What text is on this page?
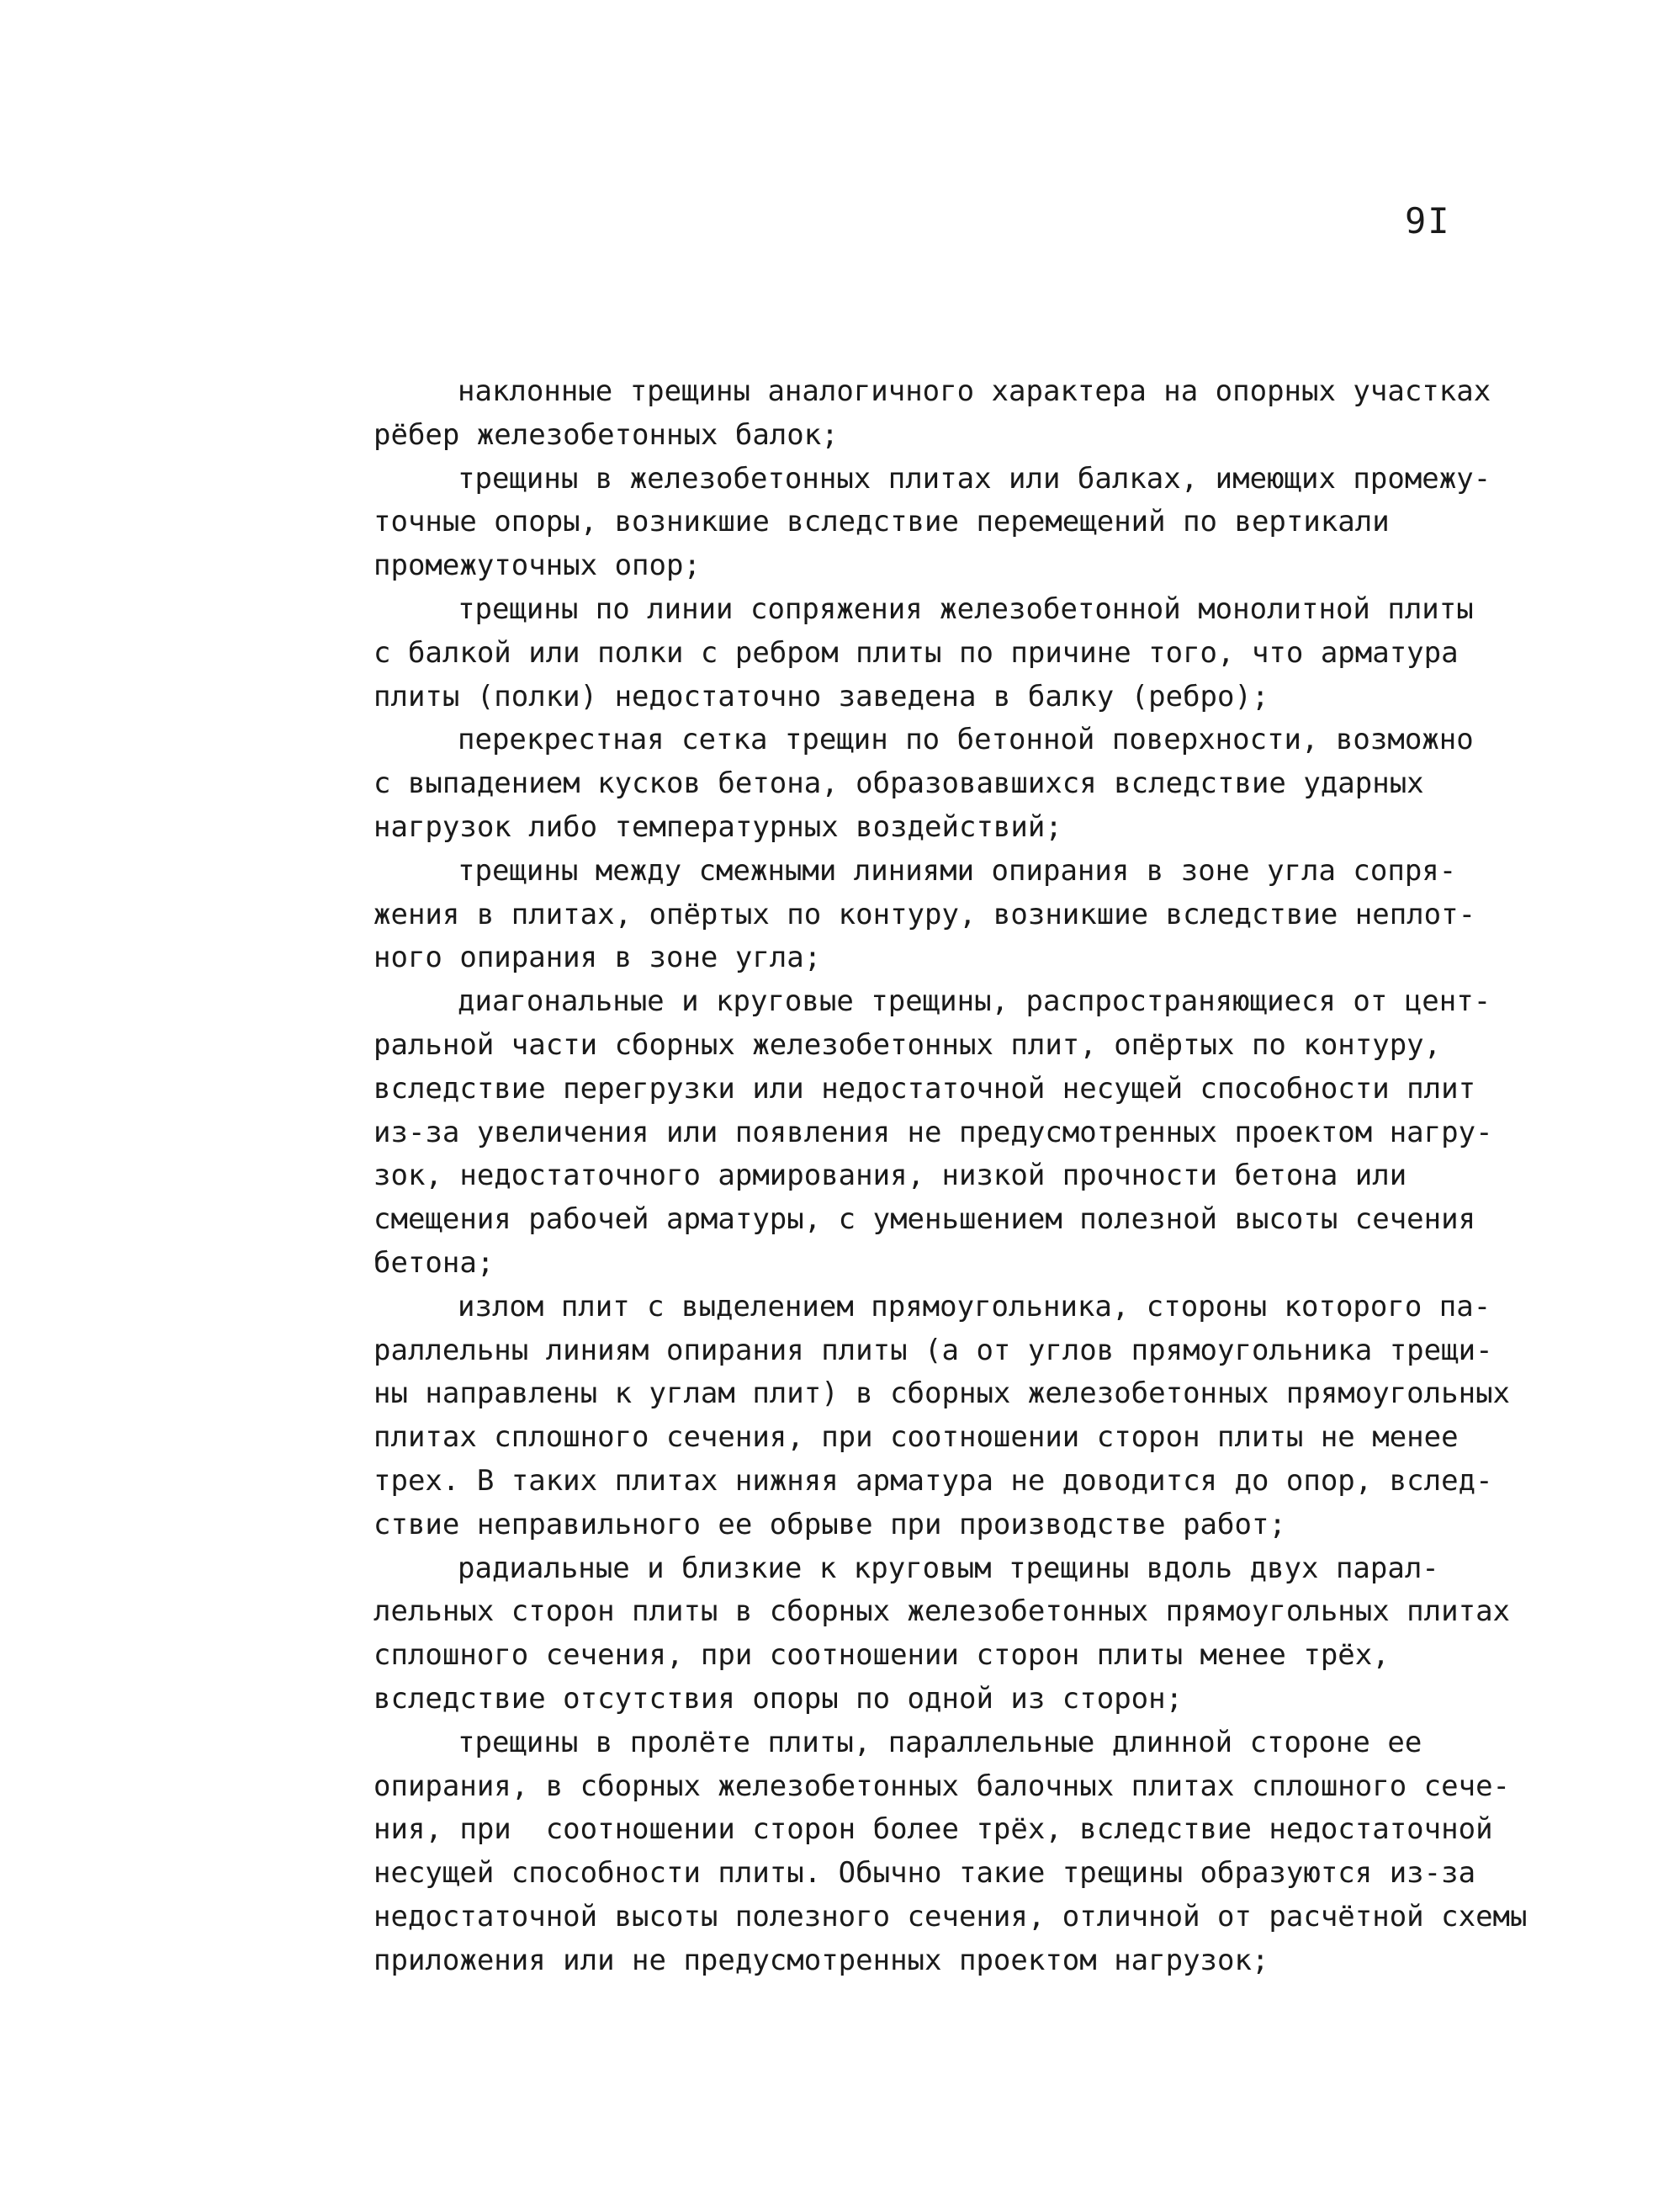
9I
наклонные трещины аналогичного характера на опорных участках
рёбер железобетонных балок;
трещины в железобетонных плитах или балках, имеющих промежу-
точные опоры, возникшие вследствие перемещений по вертикали
промежуточных опор;
трещины по линии сопряжения железобетонной монолитной плиты
с балкой или полки с ребром плиты по причине того, что арматура
плиты (полки) недостаточно заведена в балку (ребро);
перекрестная сетка трещин по бетонной поверхности, возможно
с выпадением кусков бетона, образовавшихся вследствие ударных
нагрузок либо температурных воздействий;
трещины между смежными линиями опирания в зоне угла сопря-
жения в плитах, опёртых по контуру, возникшие вследствие неплот-
ного опирания в зоне угла;
диагональные и круговые трещины, распространяющиеся от цент-
ральной части сборных железобетонных плит, опёртых по контуру,
вследствие перегрузки или недостаточной несущей способности плит
из-за увеличения или появления не предусмотренных проектом нагру-
зок, недостаточного армирования, низкой прочности бетона или
смещения рабочей арматуры, с уменьшением полезной высоты сечения
бетона;
излом плит с выделением прямоугольника, стороны которого па-
раллельны линиям опирания плиты (а от углов прямоугольника трещи-
ны направлены к углам плит) в сборных железобетонных прямоугольных
плитах сплошного сечения, при соотношении сторон плиты не менее
трех. В таких плитах нижняя арматура не доводится до опор, вслед-
ствие неправильного ее обрыве при производстве работ;
радиальные и близкие к круговым трещины вдоль двух парал-
лельных сторон плиты в сборных железобетонных прямоугольных плитах
сплошного сечения, при соотношении сторон плиты менее трёх,
вследствие отсутствия опоры по одной из сторон;
трещины в пролёте плиты, параллельные длинной стороне ее
опирания, в сборных железобетонных балочных плитах сплошного сече-
ния, при  соотношении сторон более трёх, вследствие недостаточной
несущей способности плиты. Обычно такие трещины образуются из-за
недостаточной высоты полезного сечения, отличной от расчётной схемы
приложения или не предусмотренных проектом нагрузок;
